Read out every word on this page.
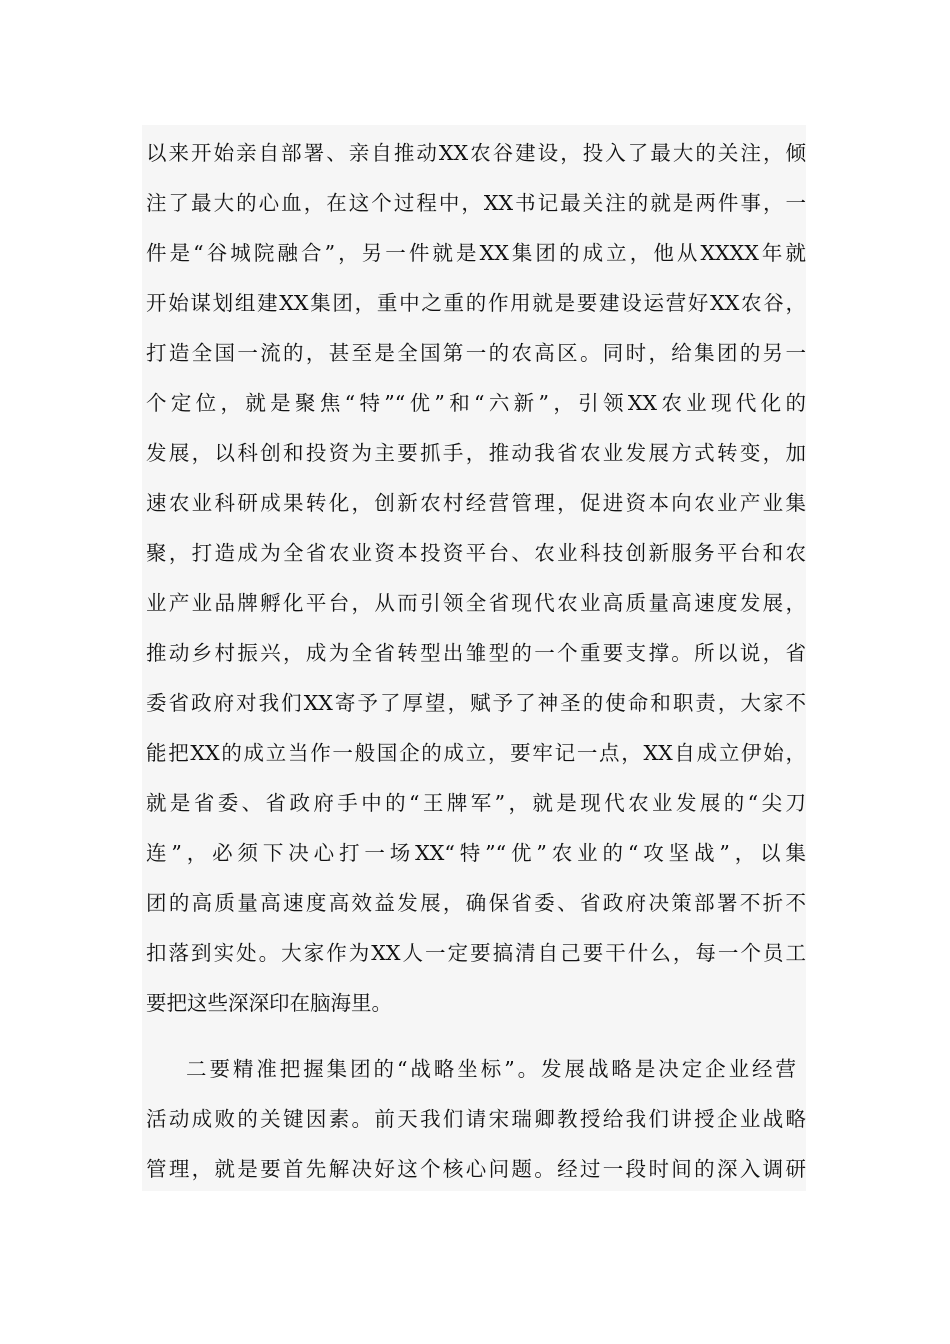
以来开始亲自部署、亲自推动XX农谷建设，投入了最大的关注，倾
注了最大的心血，在这个过程中，XX书记最关注的就是两件事，一
件是“谷城院融合”，另一件就是XX集团的成立，他从XXXX年就
开始谋划组建XX集团，重中之重的作用就是要建设运营好XX农谷，
打造全国一流的，甚至是全国第一的农高区。同时，给集团的另一
个定位，就是聚焦“特”“优”和“六新”，引领XX农业现代化的
发展，以科创和投资为主要抓手，推动我省农业发展方式转变，加
速农业科研成果转化，创新农村经营管理，促进资本向农业产业集
聚，打造成为全省农业资本投资平台、农业科技创新服务平台和农
业产业品牌孵化平台，从而引领全省现代农业高质量高速度发展，
推动乡村振兴，成为全省转型出雏型的一个重要支撑。所以说，省
委省政府对我们XX寄予了厚望，赋予了神圣的使命和职责，大家不
能把XX的成立当作一般国企的成立，要牢记一点，XX自成立伊始，
就是省委、省政府手中的“王牌军”，就是现代农业发展的“尖刀
连”，必须下决心打一场XX“特”“优”农业的“攻坚战”，以集
团的高质量高速度高效益发展，确保省委、省政府决策部署不折不
扣落到实处。大家作为XX人一定要搞清自己要干什么，每一个员工
要把这些深深印在脑海里。
二要精准把握集团的“战略坐标”。发展战略是决定企业经营
活动成败的关键因素。前天我们请宋瑞卿教授给我们讲授企业战略
管理，就是要首先解决好这个核心问题。经过一段时间的深入调研
